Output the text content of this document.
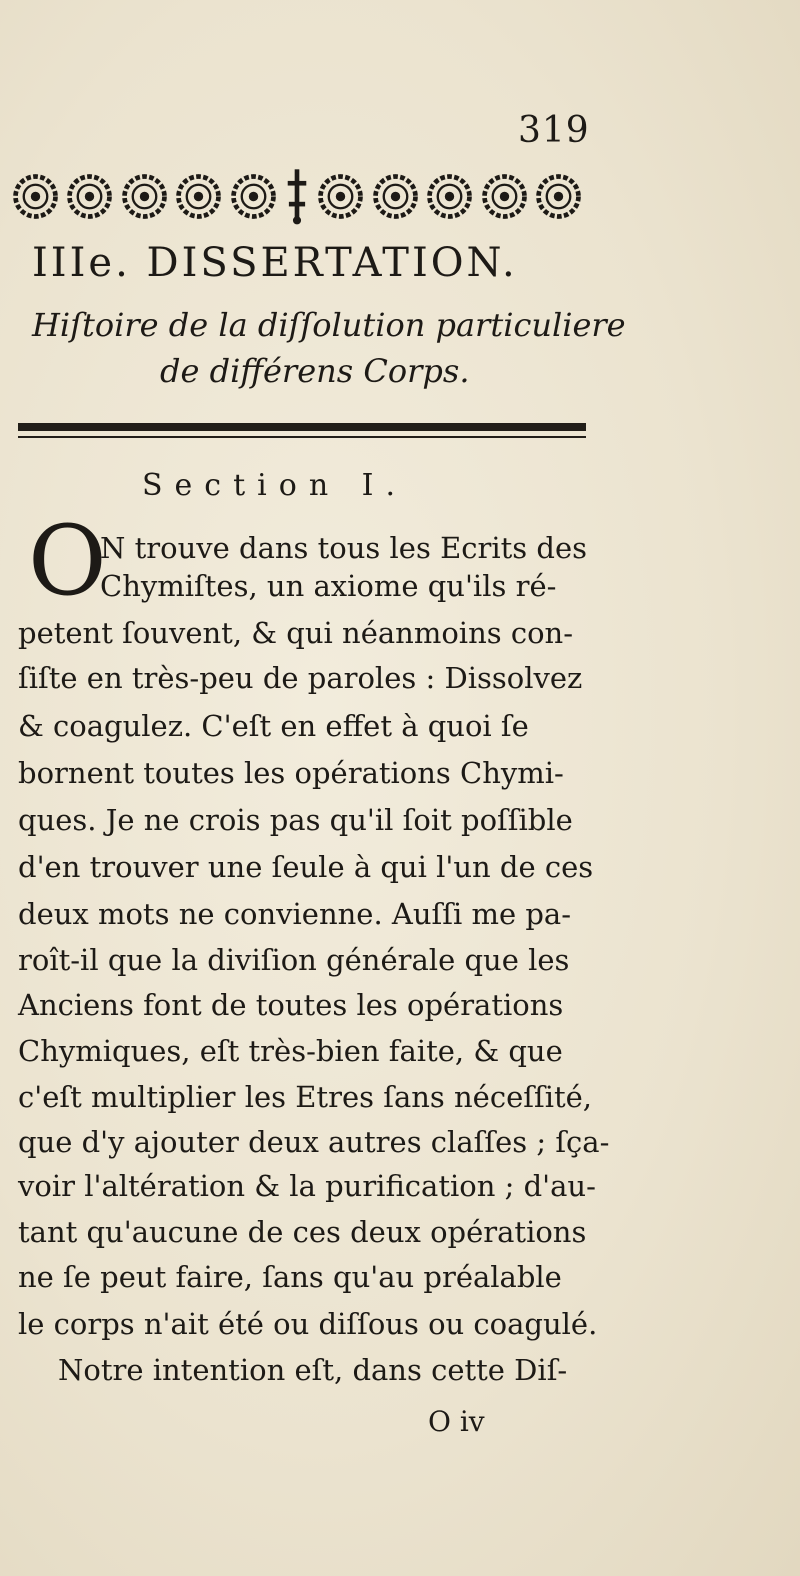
319
IIIe. DISSERTATION.
Hiſtoire de la diſſolution particuliere
de différens Corps.
Section I.
O
N trouve dans tous les Ecrits des
Chymiſtes, un axiome qu'ils ré-
petent ſouvent, & qui néanmoins con-
ſiſte en très-peu de paroles : Dissolvez
& coagulez. C'eſt en effet à quoi ſe
bornent toutes les opérations Chymi-
ques. Je ne crois pas qu'il ſoit poſſible
d'en trouver une ſeule à qui l'un de ces
deux mots ne convienne. Auſſi me pa-
roît-il que la diviſion générale que les
Anciens font de toutes les opérations
Chymiques, eſt très-bien faite, & que
c'eſt multiplier les Etres ſans néceſſité,
que d'y ajouter deux autres claſſes ; ſça-
voir l'altération & la purification ; d'au-
tant qu'aucune de ces deux opérations
ne ſe peut faire, ſans qu'au préalable
le corps n'ait été ou diſſous ou coagulé.
Notre intention eſt, dans cette Diſ-
O iv
